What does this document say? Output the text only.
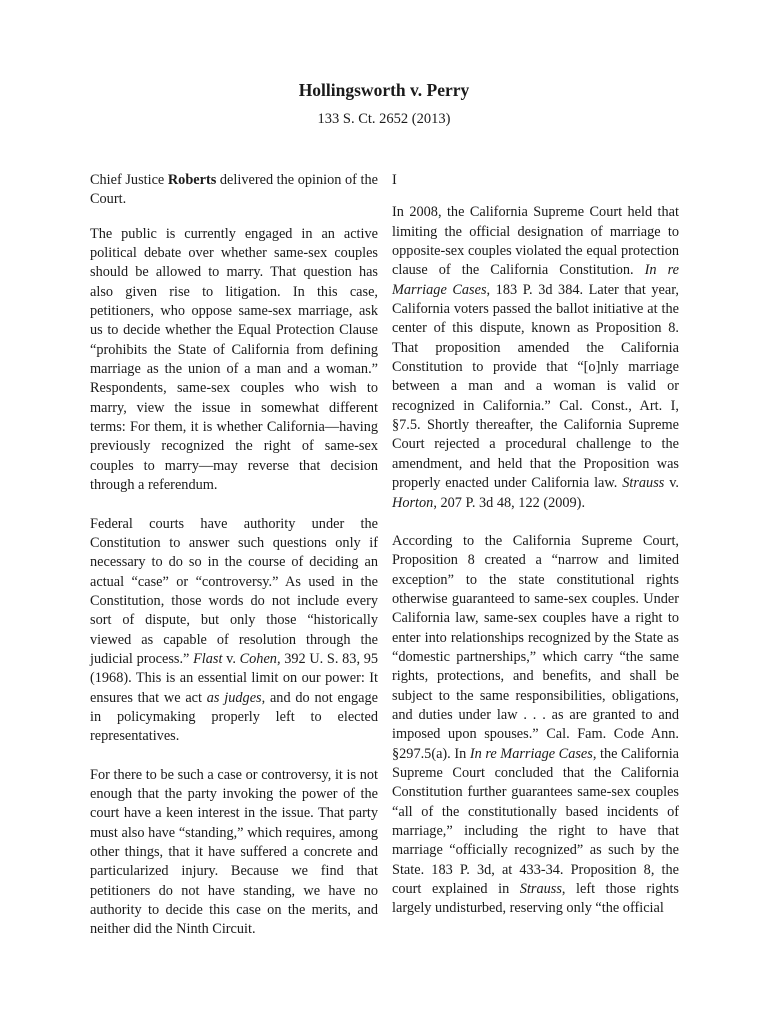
Hollingsworth v. Perry
133 S. Ct. 2652 (2013)

Chief Justice Roberts delivered the opinion of the Court.

The public is currently engaged in an active political debate over whether same-sex couples should be allowed to marry. That question has also given rise to litigation. In this case, petitioners, who oppose same-sex marriage, ask us to decide whether the Equal Protection Clause “prohibits the State of California from defining marriage as the union of a man and a woman.” Respondents, same-sex couples who wish to marry, view the issue in somewhat different terms: For them, it is whether California—having previously recognized the right of same-sex couples to marry—may reverse that decision through a referendum.

Federal courts have authority under the Constitution to answer such questions only if necessary to do so in the course of deciding an actual “case” or “controversy.” As used in the Constitution, those words do not include every sort of dispute, but only those “historically viewed as capable of resolution through the judicial process.” Flast v. Cohen, 392 U. S. 83, 95 (1968). This is an essential limit on our power: It ensures that we act as judges, and do not engage in policymaking properly left to elected representatives.

For there to be such a case or controversy, it is not enough that the party invoking the power of the court have a keen interest in the issue. That party must also have “standing,” which requires, among other things, that it have suffered a concrete and particularized injury. Because we find that petitioners do not have standing, we have no authority to decide this case on the merits, and neither did the Ninth Circuit.

I

In 2008, the California Supreme Court held that limiting the official designation of marriage to opposite-sex couples violated the equal protection clause of the California Constitution. In re Marriage Cases, 183 P. 3d 384. Later that year, California voters passed the ballot initiative at the center of this dispute, known as Proposition 8. That proposition amended the California Constitution to provide that “[o]nly marriage between a man and a woman is valid or recognized in California.” Cal. Const., Art. I, §7.5. Shortly thereafter, the California Supreme Court rejected a procedural challenge to the amendment, and held that the Proposition was properly enacted under California law. Strauss v. Horton, 207 P. 3d 48, 122 (2009).

According to the California Supreme Court, Proposition 8 created a “narrow and limited exception” to the state constitutional rights otherwise guaranteed to same-sex couples. Under California law, same-sex couples have a right to enter into relationships recognized by the State as “domestic partnerships,” which carry “the same rights, protections, and benefits, and shall be subject to the same responsibilities, obligations, and duties under law . . . as are granted to and imposed upon spouses.” Cal. Fam. Code Ann. §297.5(a). In In re Marriage Cases, the California Supreme Court concluded that the California Constitution further guarantees same-sex couples “all of the constitutionally based incidents of marriage,” including the right to have that marriage “officially recognized” as such by the State. 183 P. 3d, at 433-34. Proposition 8, the court explained in Strauss, left those rights largely undisturbed, reserving only “the official
